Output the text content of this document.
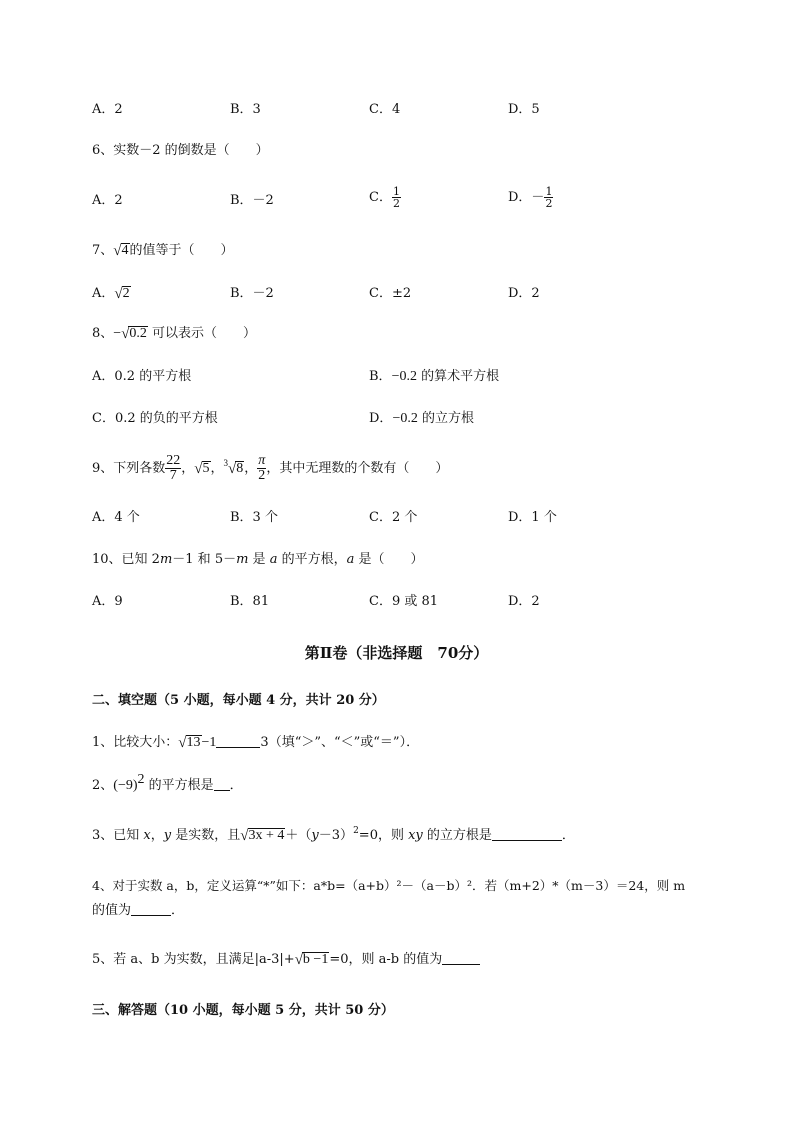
A．2	B．3	C．4	D．5
6、实数－2 的倒数是（　　）
A．2	B．－2	C． $\frac{1}{2}$	D．－ $\frac{1}{2}$
7、√4的值等于（　　）
A．√2	B．－2	C．±2	D．2
8、−√0.2 可以表示（　　）
A．0.2 的平方根	B．−0.2 的算术平方根
C．0.2 的负的平方根	D．−0.2 的立方根
9、下列各数 $\frac{22}{7}$ ，√5，$^3$√8， $\frac{\pi}{2}$ ，其中无理数的个数有（　　）
A．4 个	B．3 个	C．2 个	D．1 个
10、已知 2m－1 和 5－m 是 a 的平方根，a 是（　　）
A．9	B．81	C．9 或 81	D．2
第Ⅱ卷（非选择题　70分）
二、填空题（5 小题，每小题 4 分，共计 20 分）
1、比较大小：√13−1	3（填“＞”、“＜”或“＝”）．
2、$(-9)^2$ 的平方根是 ．
3、已知 x，y 是实数，且$√3x + 4+(y-3)^2=0$，则 xy 的立方根是	．
4、对于实数 a，b，定义运算“*”如下：a*b=（a+b）²－（a－b）²．若（m+2）*（m－3）＝24，则 m
的值为	．
5、若 a、b 为实数，且满足|a-3|+√b −1=0，则 a-b 的值为
三、解答题（10 小题，每小题 5 分，共计 50 分）
